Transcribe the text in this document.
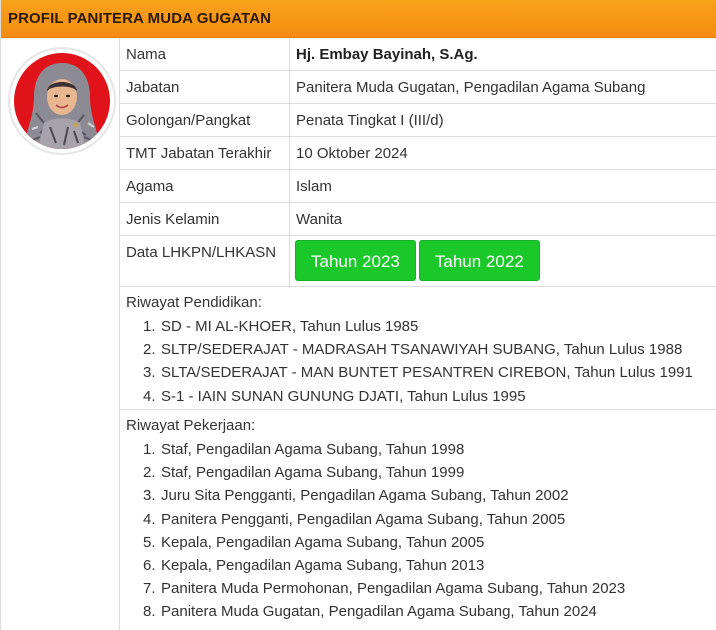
PROFIL PANITERA MUDA GUGATAN
Nama	Hj. Embay Bayinah, S.Ag.
Jabatan	Panitera Muda Gugatan, Pengadilan Agama Subang
Golongan/Pangkat	Penata Tingkat I (III/d)
TMT Jabatan Terakhir	10 Oktober 2024
Agama	Islam
Jenis Kelamin	Wanita
Data LHKPN/LHKASN	Tahun 2023 Tahun 2022
Riwayat Pendidikan:
1. SD - MI AL-KHOER, Tahun Lulus 1985
2. SLTP/SEDERAJAT - MADRASAH TSANAWIYAH SUBANG, Tahun Lulus 1988
3. SLTA/SEDERAJAT - MAN BUNTET PESANTREN CIREBON, Tahun Lulus 1991
4. S-1 - IAIN SUNAN GUNUNG DJATI, Tahun Lulus 1995
Riwayat Pekerjaan:
1. Staf, Pengadilan Agama Subang, Tahun 1998
2. Staf, Pengadilan Agama Subang, Tahun 1999
3. Juru Sita Pengganti, Pengadilan Agama Subang, Tahun 2002
4. Panitera Pengganti, Pengadilan Agama Subang, Tahun 2005
5. Kepala, Pengadilan Agama Subang, Tahun 2005
6. Kepala, Pengadilan Agama Subang, Tahun 2013
7. Panitera Muda Permohonan, Pengadilan Agama Subang, Tahun 2023
8. Panitera Muda Gugatan, Pengadilan Agama Subang, Tahun 2024
